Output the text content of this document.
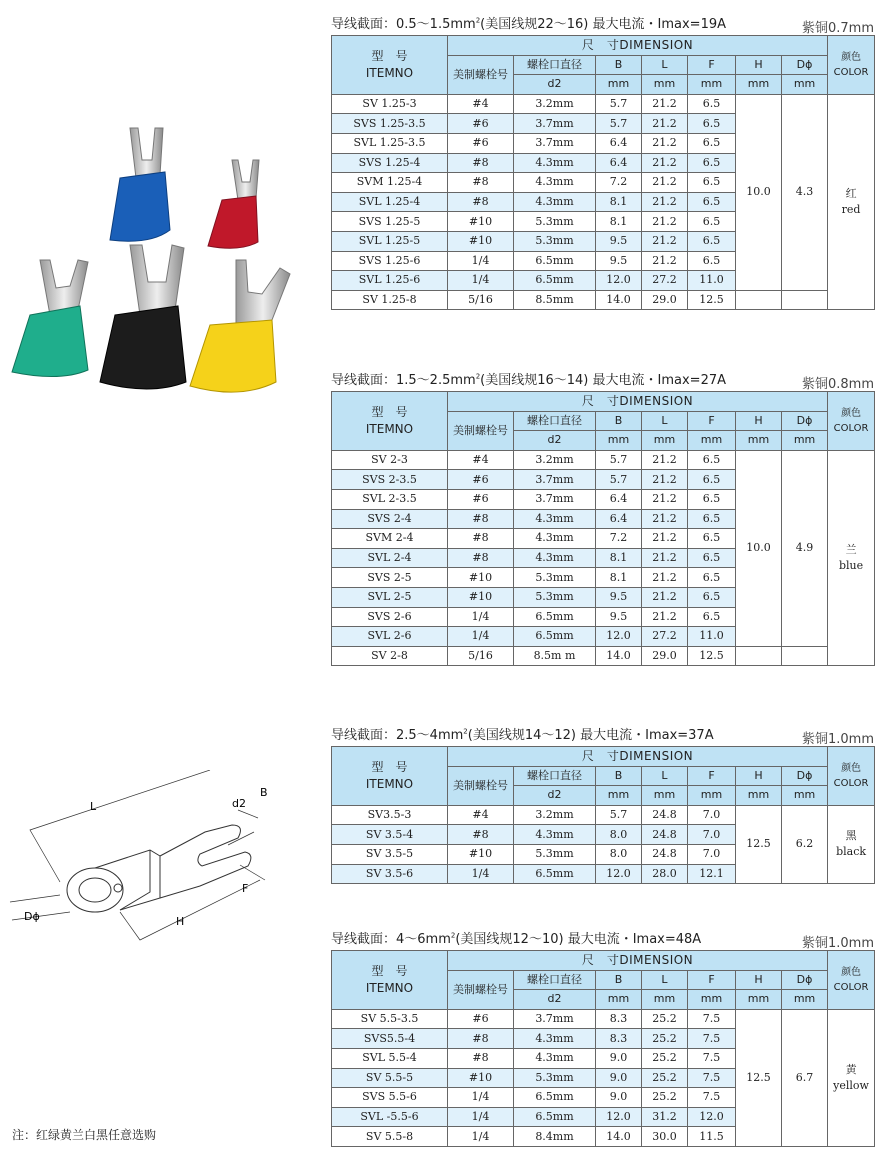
L
B
d2
F
H
Dϕ
导线截面：$0.5\sim 1.5mm^2$(美国线规22～16) 最大电流・Imax=19A	紫铜0.7mm
型　号
ITEMNO	尺　寸DIMENSION							颜色
COLOR
	美制螺栓号	螺栓口直径	B	L	F	H	Dϕ	
		d2	mm	mm	mm	mm	mm	
SV 1.25-3	#4	3.2mm	5.7	21.2	6.5	10.0	4.3	红
red

SVS 1.25-3.5	#6	3.7mm	5.7	21.2	6.5			
SVL 1.25-3.5	#6	3.7mm	6.4	21.2	6.5			
SVS 1.25-4	#8	4.3mm	6.4	21.2	6.5			
SVM 1.25-4	#8	4.3mm	7.2	21.2	6.5			
SVL 1.25-4	#8	4.3mm	8.1	21.2	6.5			
SVS 1.25-5	#10	5.3mm	8.1	21.2	6.5			
SVL 1.25-5	#10	5.3mm	9.5	21.2	6.5			
SVS 1.25-6	1/4	6.5mm	9.5	21.2	6.5			
SVL 1.25-6	1/4	6.5mm	12.0	27.2	11.0			
SV 1.25-8	5/16	8.5mm	14.0	29.0	12.5			
导线截面：$1.5\sim 2.5mm^2$(美国线规16～14) 最大电流・Imax=27A	紫铜0.8mm
型　号
ITEMNO	尺　寸DIMENSION							颜色
COLOR
	美制螺栓号	螺栓口直径	B	L	F	H	Dϕ	
		d2	mm	mm	mm	mm	mm	
SV 2-3	#4	3.2mm	5.7	21.2	6.5	10.0	4.9	兰
blue

SVS 2-3.5	#6	3.7mm	5.7	21.2	6.5			
SVL 2-3.5	#6	3.7mm	6.4	21.2	6.5			
SVS 2-4	#8	4.3mm	6.4	21.2	6.5			
SVM 2-4	#8	4.3mm	7.2	21.2	6.5			
SVL 2-4	#8	4.3mm	8.1	21.2	6.5			
SVS 2-5	#10	5.3mm	8.1	21.2	6.5			
SVL 2-5	#10	5.3mm	9.5	21.2	6.5			
SVS 2-6	1/4	6.5mm	9.5	21.2	6.5			
SVL 2-6	1/4	6.5mm	12.0	27.2	11.0			
SV 2-8	5/16	8.5m m	14.0	29.0	12.5			
导线截面：$2.5\sim 4mm^2$(美国线规14～12) 最大电流・Imax=37A	紫铜1.0mm
型　号
ITEMNO	尺　寸DIMENSION							颜色
COLOR
	美制螺栓号	螺栓口直径	B	L	F	H	Dϕ	
		d2	mm	mm	mm	mm	mm	
SV3.5-3	#4	3.2mm	5.7	24.8	7.0	12.5	6.2	黑
black

SV 3.5-4	#8	4.3mm	8.0	24.8	7.0			
SV 3.5-5	#10	5.3mm	8.0	24.8	7.0			
SV 3.5-6	1/4	6.5mm	12.0	28.0	12.1			
导线截面：$4\sim 6mm^2$(美国线规12～10) 最大电流・Imax=48A	紫铜1.0mm
型　号
ITEMNO	尺　寸DIMENSION							颜色
COLOR
	美制螺栓号	螺栓口直径	B	L	F	H	Dϕ	
		d2	mm	mm	mm	mm	mm	
SV 5.5-3.5	#6	3.7mm	8.3	25.2	7.5	12.5	6.7	黄
yellow

SVS5.5-4	#8	4.3mm	8.3	25.2	7.5			
SVL 5.5-4	#8	4.3mm	9.0	25.2	7.5			
SV 5.5-5	#10	5.3mm	9.0	25.2	7.5			
SVS 5.5-6	1/4	6.5mm	9.0	25.2	7.5			
SVL -5.5-6	1/4	6.5mm	12.0	31.2	12.0			
SV 5.5-8	1/4	8.4mm	14.0	30.0	11.5			
注：红绿黄兰白黑任意选购
